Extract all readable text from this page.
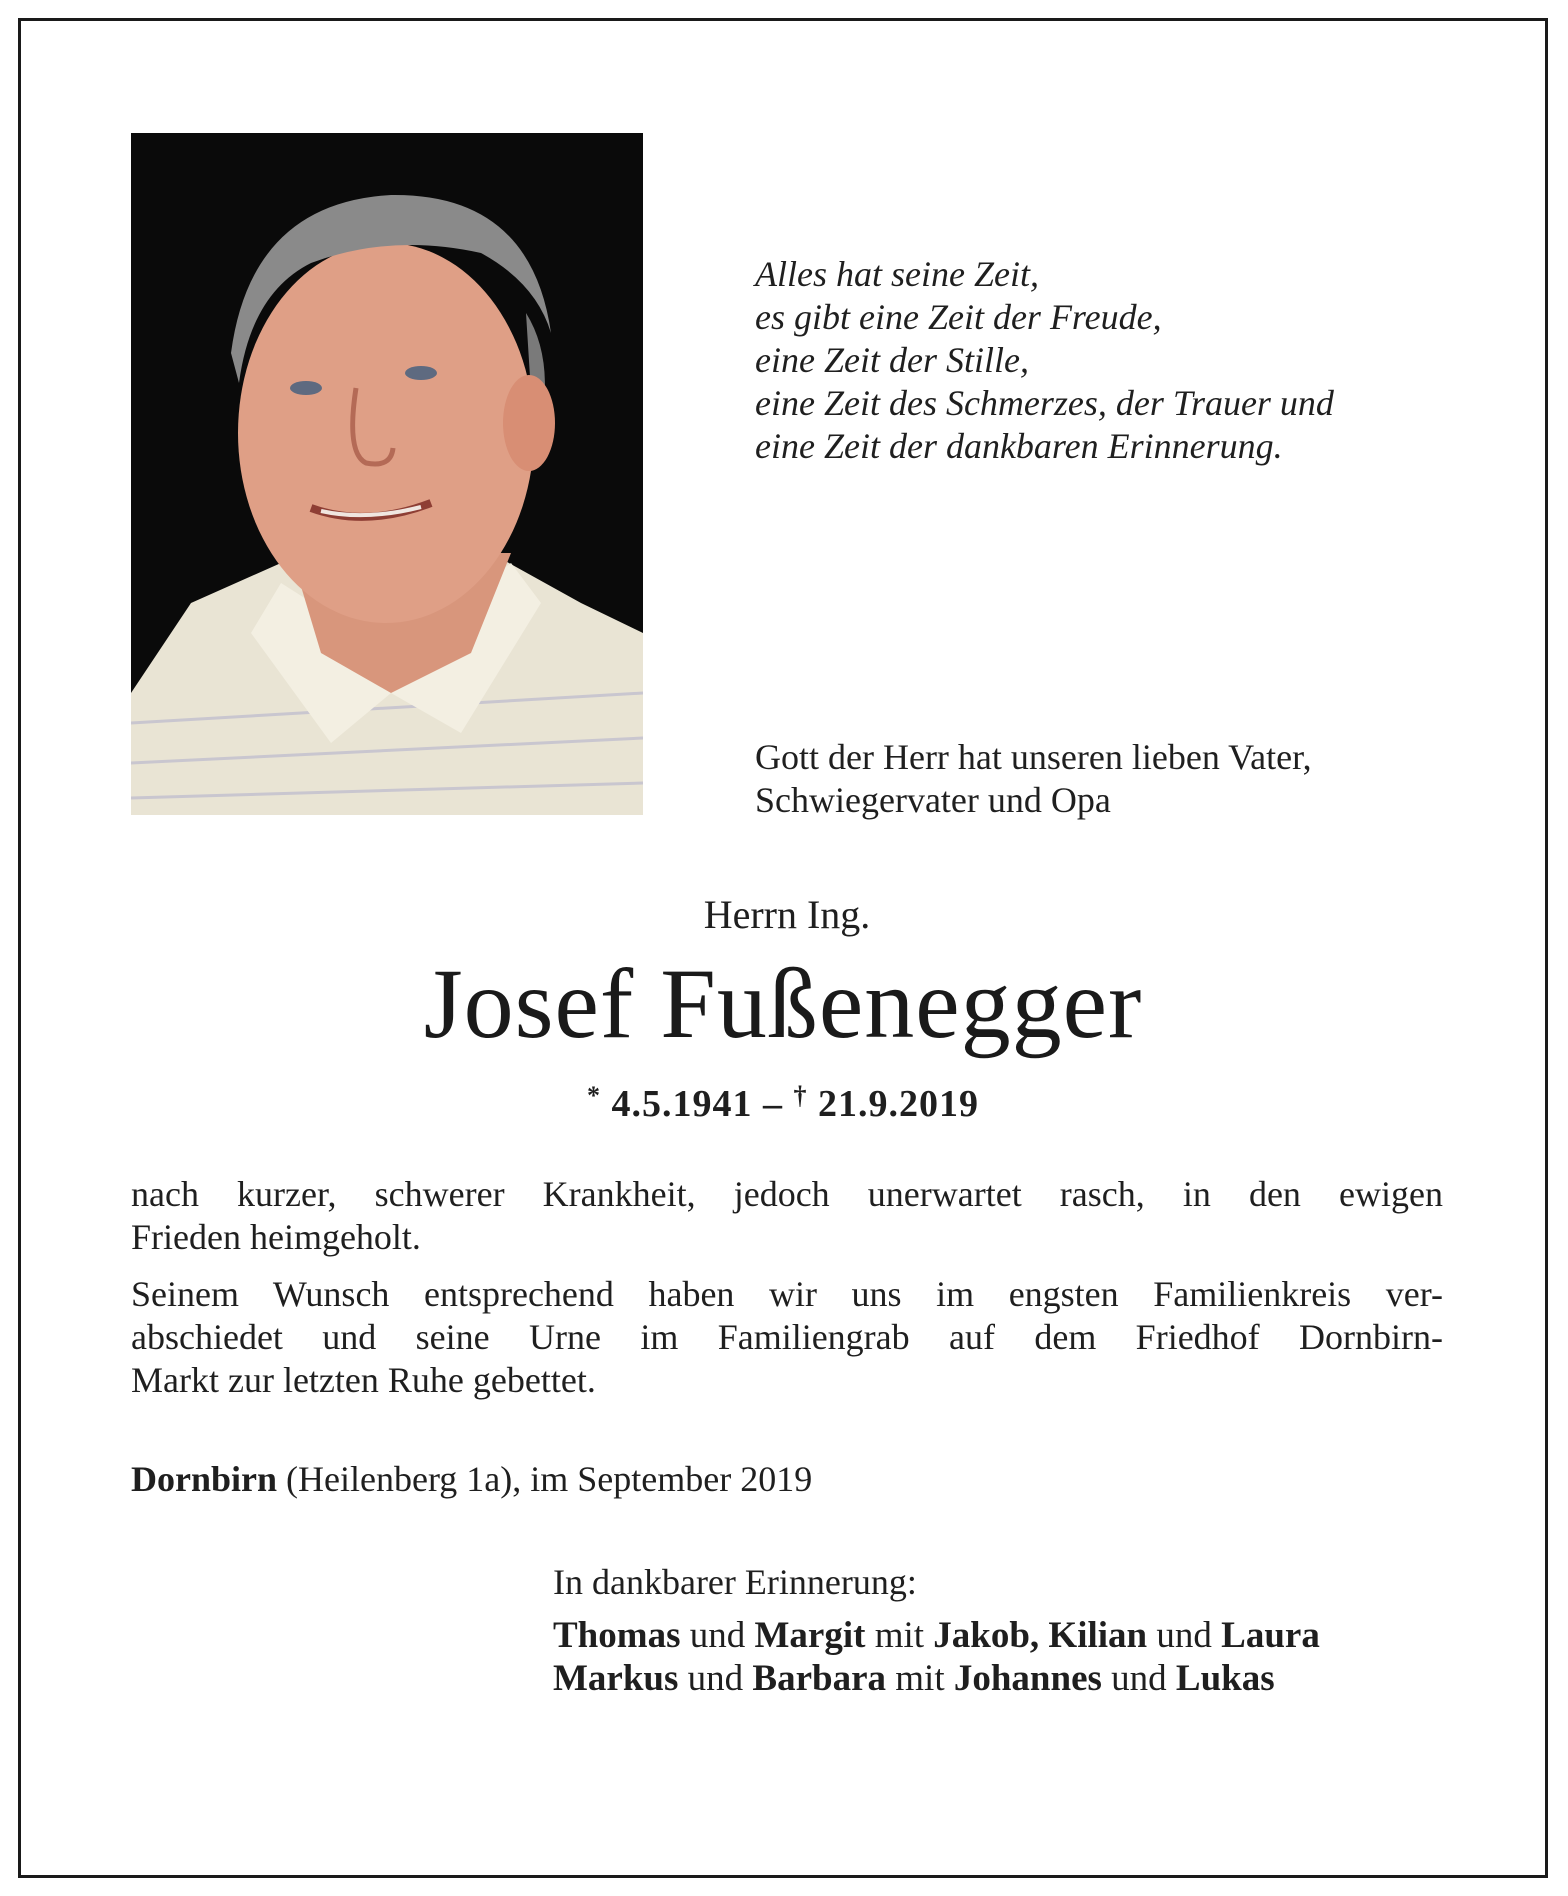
Alles hat seine Zeit,
es gibt eine Zeit der Freude,
eine Zeit der Stille,
eine Zeit des Schmerzes, der Trauer und
eine Zeit der dankbaren Erinnerung.
Gott der Herr hat unseren lieben Vater,
Schwiegervater und Opa
Herrn Ing.
Josef Fußenegger
* 4.5.1941 – † 21.9.2019
nach kurzer, schwerer Krankheit, jedoch unerwartet rasch, in den ewigen
Frieden heimgeholt.
Seinem Wunsch entsprechend haben wir uns im engsten Familienkreis ver-
abschiedet und seine Urne im Familiengrab auf dem Friedhof Dornbirn-
Markt zur letzten Ruhe gebettet.
Dornbirn (Heilenberg 1a), im September 2019
In dankbarer Erinnerung:
Thomas und Margit mit Jakob, Kilian und Laura
Markus und Barbara mit Johannes und Lukas
